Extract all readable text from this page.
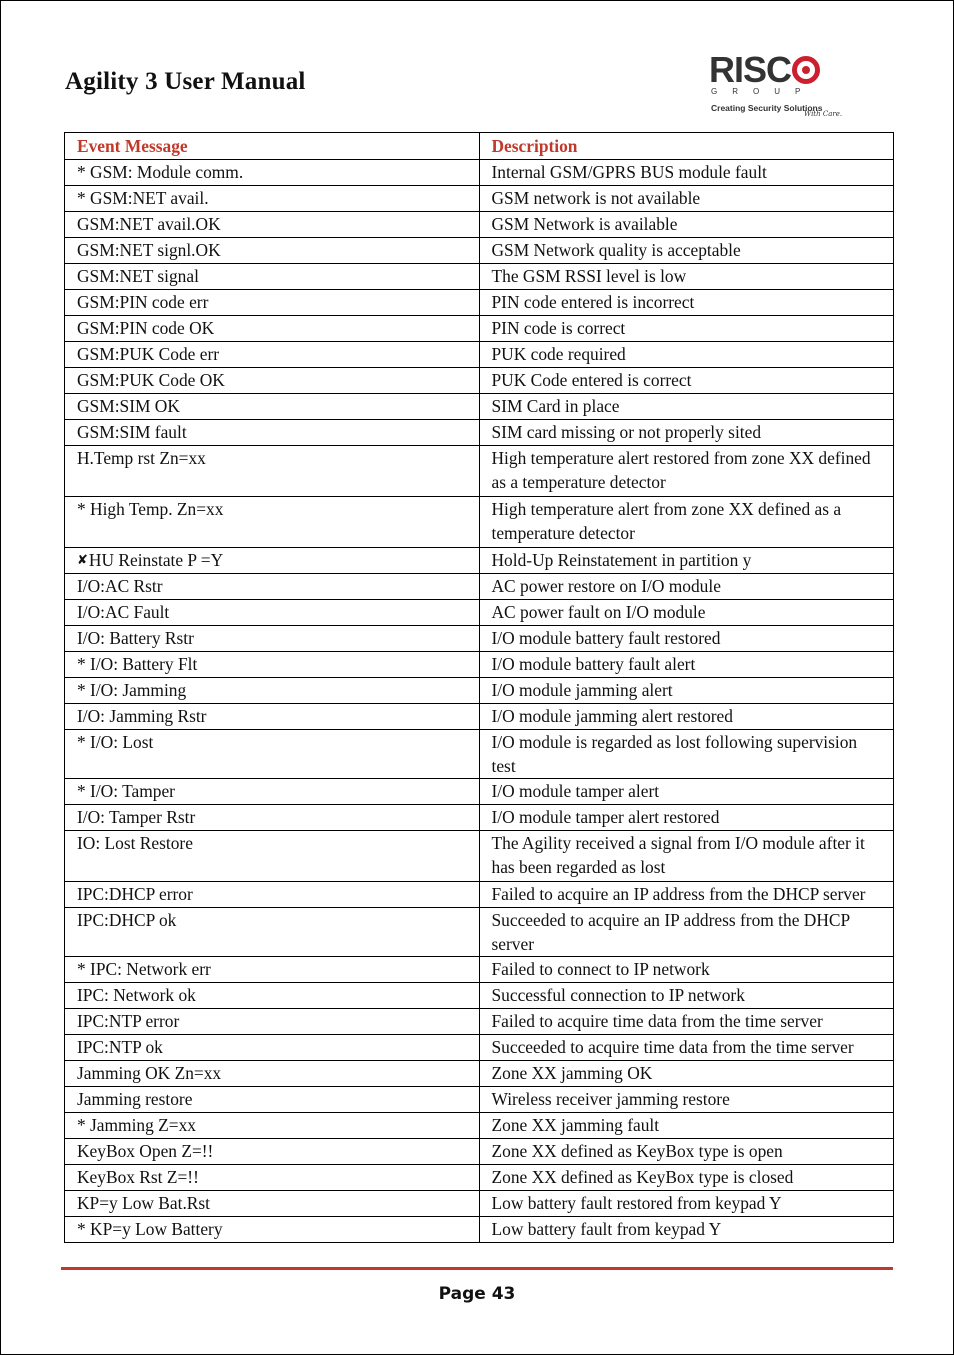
Agility 3 User Manual	RISC
GROUP
Creating Security Solutions
With Care.
Event Message	Description
* GSM: Module comm.	Internal GSM/GPRS BUS module fault
* GSM:NET avail.	GSM network is not available
GSM:NET avail.OK	GSM Network is available
GSM:NET signl.OK	GSM Network quality is acceptable
GSM:NET signal	The GSM RSSI level is low
GSM:PIN code err	PIN code entered is incorrect
GSM:PIN code OK	PIN code is correct
GSM:PUK Code err	PUK code required
GSM:PUK Code OK	PUK Code entered is correct
GSM:SIM OK	SIM Card in place
GSM:SIM fault	SIM card missing or not properly sited
H.Temp rst Zn=xx	High temperature alert restored from zone XX defined as a temperature detector
* High Temp. Zn=xx	High temperature alert from zone XX defined as a temperature detector
✘HU Reinstate P =Y	Hold-Up Reinstatement in partition y
I/O:AC Rstr	AC power restore on I/O module
I/O:AC Fault	AC power fault on I/O module
I/O: Battery Rstr	I/O module battery fault restored
* I/O: Battery Flt	I/O module battery fault alert
* I/O: Jamming	I/O module jamming alert
I/O: Jamming Rstr	I/O module jamming alert restored
* I/O: Lost	I/O module is regarded as lost following supervision test
* I/O: Tamper	I/O module tamper alert
I/O: Tamper Rstr	I/O module tamper alert restored
IO: Lost Restore	The Agility received a signal from I/O module after it has been regarded as lost
IPC:DHCP error	Failed to acquire an IP address from the DHCP server
IPC:DHCP ok	Succeeded to acquire an IP address from the DHCP server
* IPC: Network err	Failed to connect to IP network
IPC: Network ok	Successful connection to IP network
IPC:NTP error	Failed to acquire time data from the time server
IPC:NTP ok	Succeeded to acquire time data from the time server
Jamming OK Zn=xx	Zone XX jamming OK
Jamming restore	Wireless receiver jamming restore
* Jamming Z=xx	Zone XX jamming fault
KeyBox Open Z=!!	Zone XX defined as KeyBox type is open
KeyBox Rst Z=!!	Zone XX defined as KeyBox type is closed
KP=y Low Bat.Rst	Low battery fault restored from keypad Y
* KP=y Low Battery	Low battery fault from keypad Y
Page 43
